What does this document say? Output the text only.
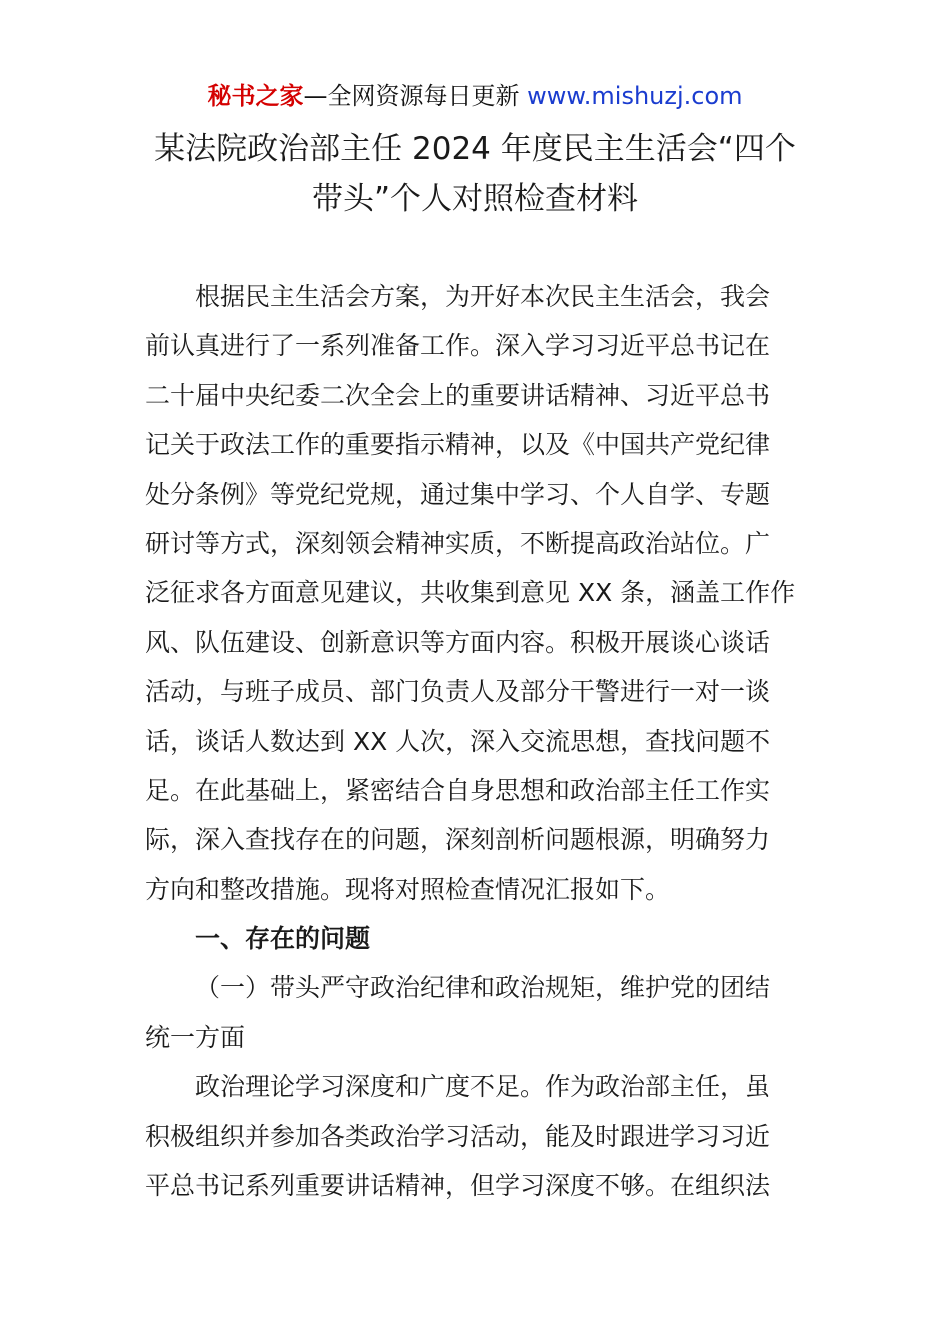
秘书之家—全网资源每日更新 www.mishuzj.com
某法院政治部主任 2024 年度民主生活会“四个
带头”个人对照检查材料
根据民主生活会方案，为开好本次民主生活会，我会
前认真进行了一系列准备工作。深入学习习近平总书记在
二十届中央纪委二次全会上的重要讲话精神、习近平总书
记关于政法工作的重要指示精神，以及《中国共产党纪律
处分条例》等党纪党规，通过集中学习、个人自学、专题
研讨等方式，深刻领会精神实质，不断提高政治站位。广
泛征求各方面意见建议，共收集到意见 XX 条，涵盖工作作
风、队伍建设、创新意识等方面内容。积极开展谈心谈话
活动，与班子成员、部门负责人及部分干警进行一对一谈
话，谈话人数达到 XX 人次，深入交流思想，查找问题不
足。在此基础上，紧密结合自身思想和政治部主任工作实
际，深入查找存在的问题，深刻剖析问题根源，明确努力
方向和整改措施。现将对照检查情况汇报如下。
一、存在的问题
（一）带头严守政治纪律和政治规矩，维护党的团结
统一方面
政治理论学习深度和广度不足。作为政治部主任，虽
积极组织并参加各类政治学习活动，能及时跟进学习习近
平总书记系列重要讲话精神，但学习深度不够。在组织法
